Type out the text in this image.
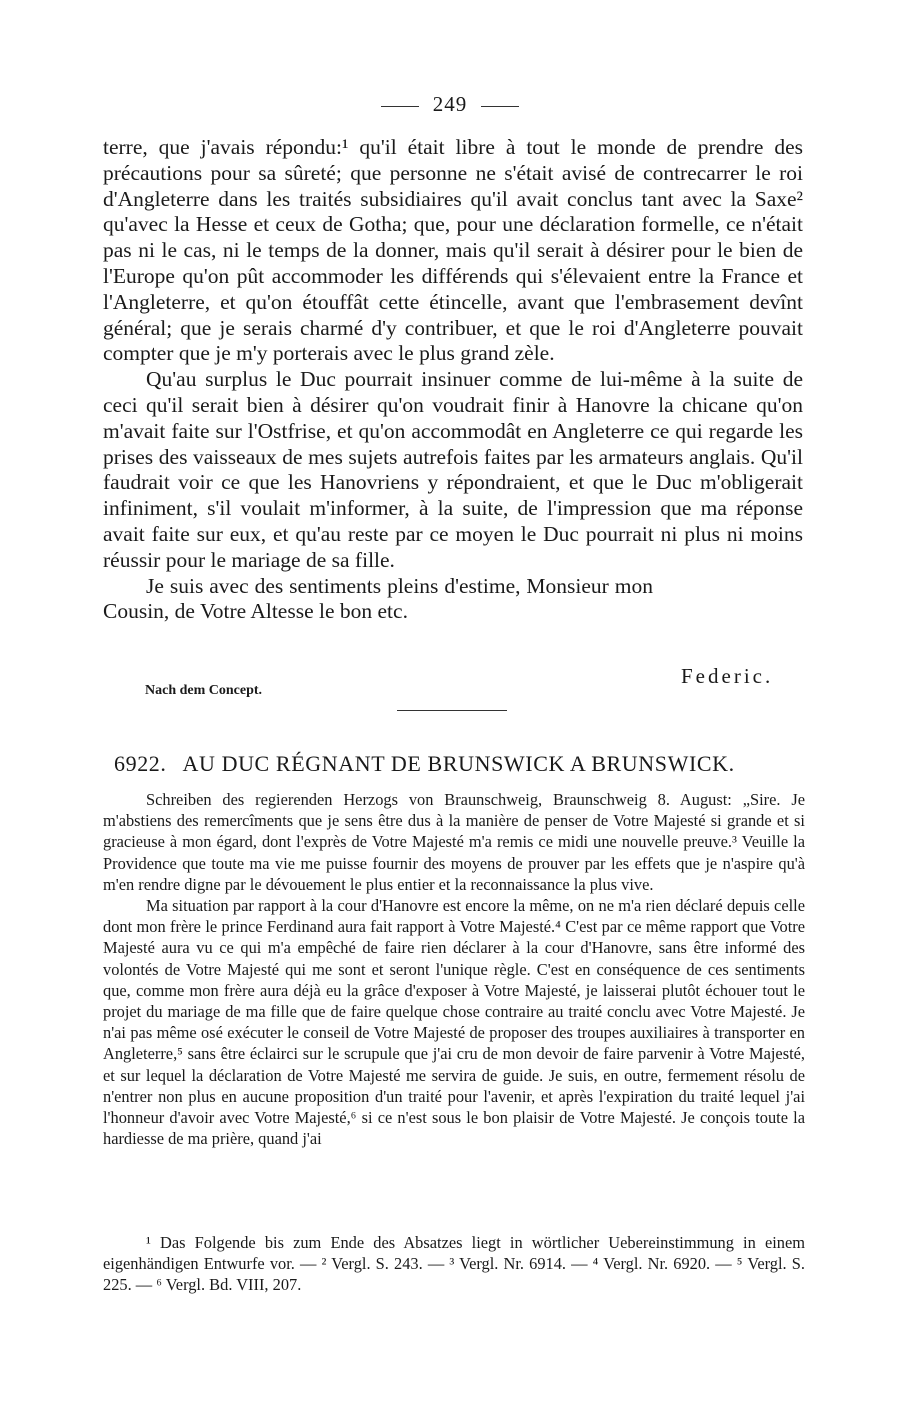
249

terre, que j'avais répondu:¹ qu'il était libre à tout le monde de prendre des précautions pour sa sûreté; que personne ne s'était avisé de contrecarrer le roi d'Angleterre dans les traités subsidiaires qu'il avait conclus tant avec la Saxe² qu'avec la Hesse et ceux de Gotha; que, pour une déclaration formelle, ce n'était pas ni le cas, ni le temps de la donner, mais qu'il serait à désirer pour le bien de l'Europe qu'on pût accommoder les différends qui s'élevaient entre la France et l'Angleterre, et qu'on étouffât cette étincelle, avant que l'embrasement devînt général; que je serais charmé d'y contribuer, et que le roi d'Angleterre pouvait compter que je m'y porterais avec le plus grand zèle.

Qu'au surplus le Duc pourrait insinuer comme de lui-même à la suite de ceci qu'il serait bien à désirer qu'on voudrait finir à Hanovre la chicane qu'on m'avait faite sur l'Ostfrise, et qu'on accommodât en Angleterre ce qui regarde les prises des vaisseaux de mes sujets autrefois faites par les armateurs anglais. Qu'il faudrait voir ce que les Hanovriens y répondraient, et que le Duc m'obligerait infiniment, s'il voulait m'informer, à la suite, de l'impression que ma réponse avait faite sur eux, et qu'au reste par ce moyen le Duc pourrait ni plus ni moins réussir pour le mariage de sa fille.

Je suis avec des sentiments pleins d'estime, Monsieur mon Cousin, de Votre Altesse le bon etc.

Federic.
Nach dem Concept.
6922. AU DUC RÉGNANT DE BRUNSWICK A BRUNSWICK.

Schreiben des regierenden Herzogs von Braunschweig, Braunschweig 8. August: „Sire. Je m'abstiens des remercîments que je sens être dus à la manière de penser de Votre Majesté si grande et si gracieuse à mon égard, dont l'exprès de Votre Majesté m'a remis ce midi une nouvelle preuve.³ Veuille la Providence que toute ma vie me puisse fournir des moyens de prouver par les effets que je n'aspire qu'à m'en rendre digne par le dévouement le plus entier et la reconnaissance la plus vive.

Ma situation par rapport à la cour d'Hanovre est encore la même, on ne m'a rien déclaré depuis celle dont mon frère le prince Ferdinand aura fait rapport à Votre Majesté.⁴ C'est par ce même rapport que Votre Majesté aura vu ce qui m'a empêché de faire rien déclarer à la cour d'Hanovre, sans être informé des volontés de Votre Majesté qui me sont et seront l'unique règle. C'est en conséquence de ces sentiments que, comme mon frère aura déjà eu la grâce d'exposer à Votre Majesté, je laisserai plutôt échouer tout le projet du mariage de ma fille que de faire quelque chose contraire au traité conclu avec Votre Majesté. Je n'ai pas même osé exécuter le conseil de Votre Majesté de proposer des troupes auxiliaires à transporter en Angleterre,⁵ sans être éclairci sur le scrupule que j'ai cru de mon devoir de faire parvenir à Votre Majesté, et sur lequel la déclaration de Votre Majesté me servira de guide. Je suis, en outre, fermement résolu de n'entrer non plus en aucune proposition d'un traité pour l'avenir, et après l'expiration du traité lequel j'ai l'honneur d'avoir avec Votre Majesté,⁶ si ce n'est sous le bon plaisir de Votre Majesté. Je conçois toute la hardiesse de ma prière, quand j'ai

¹ Das Folgende bis zum Ende des Absatzes liegt in wörtlicher Uebereinstimmung in einem eigenhändigen Entwurfe vor. — ² Vergl. S. 243. — ³ Vergl. Nr. 6914. — ⁴ Vergl. Nr. 6920. — ⁵ Vergl. S. 225. — ⁶ Vergl. Bd. VIII, 207.
